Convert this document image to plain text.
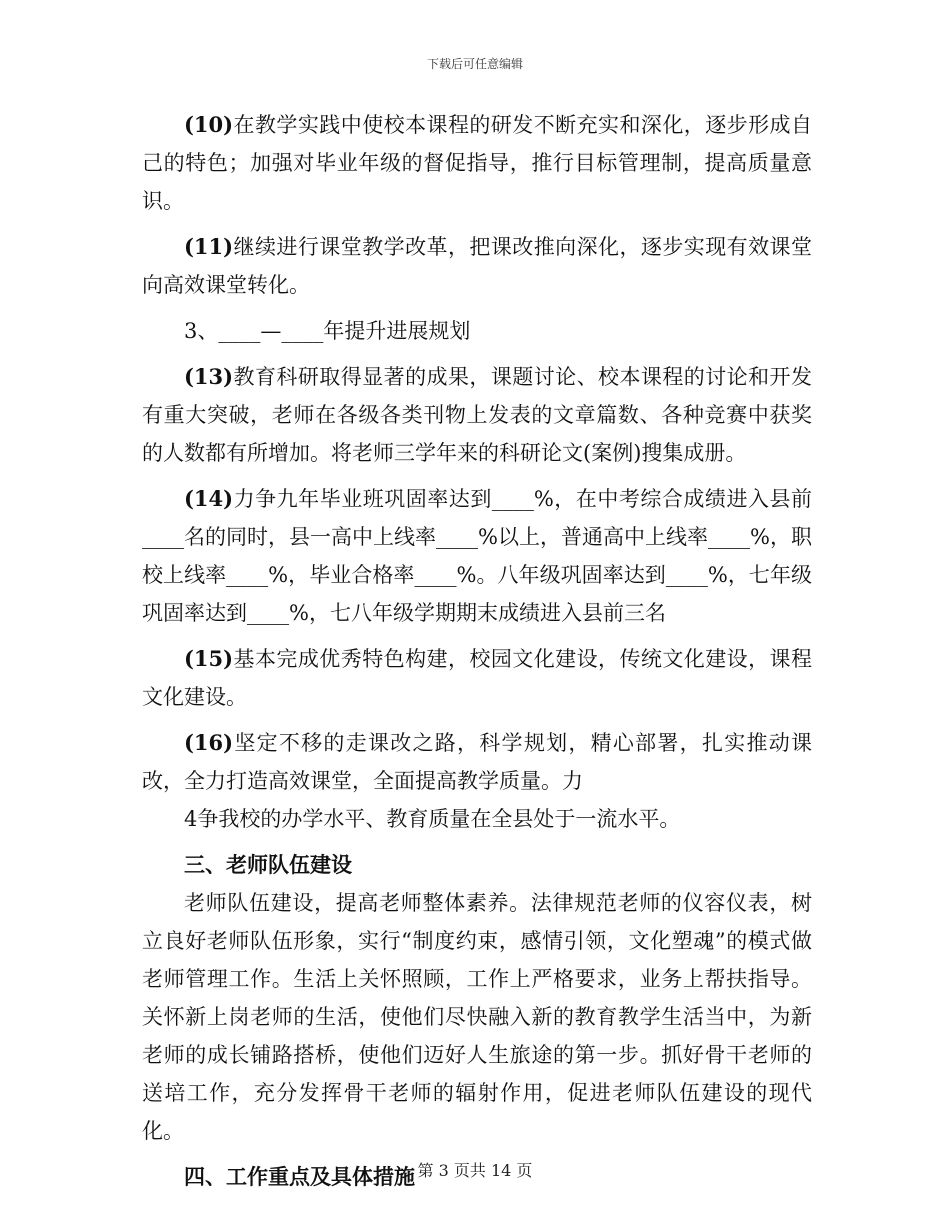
下载后可任意编辑

(10)在教学实践中使校本课程的研发不断充实和深化，逐步形成自己的特色；加强对毕业年级的督促指导，推行目标管理制，提高质量意识。

(11)继续进行课堂教学改革，把课改推向深化，逐步实现有效课堂向高效课堂转化。

3、____—____年提升进展规划

(13)教育科研取得显著的成果，课题讨论、校本课程的讨论和开发有重大突破，老师在各级各类刊物上发表的文章篇数、各种竞赛中获奖的人数都有所增加。将老师三学年来的科研论文(案例)搜集成册。

(14)力争九年毕业班巩固率达到____%，在中考综合成绩进入县前____名的同时，县一高中上线率____%以上，普通高中上线率____%，职校上线率____%，毕业合格率____%。八年级巩固率达到____%，七年级巩固率达到____%，七八年级学期期末成绩进入县前三名

(15)基本完成优秀特色构建，校园文化建设，传统文化建设，课程文化建设。

(16)坚定不移的走课改之路，科学规划，精心部署，扎实推动课改，全力打造高效课堂，全面提高教学质量。力

4争我校的办学水平、教育质量在全县处于一流水平。

三、老师队伍建设

老师队伍建设，提高老师整体素养。法律规范老师的仪容仪表，树立良好老师队伍形象，实行“制度约束，感情引领，文化塑魂”的模式做老师管理工作。生活上关怀照顾，工作上严格要求，业务上帮扶指导。关怀新上岗老师的生活，使他们尽快融入新的教育教学生活当中，为新老师的成长铺路搭桥，使他们迈好人生旅途的第一步。抓好骨干老师的送培工作，充分发挥骨干老师的辐射作用，促进老师队伍建设的现代化。

四、工作重点及具体措施 第 3 页共 14 页
